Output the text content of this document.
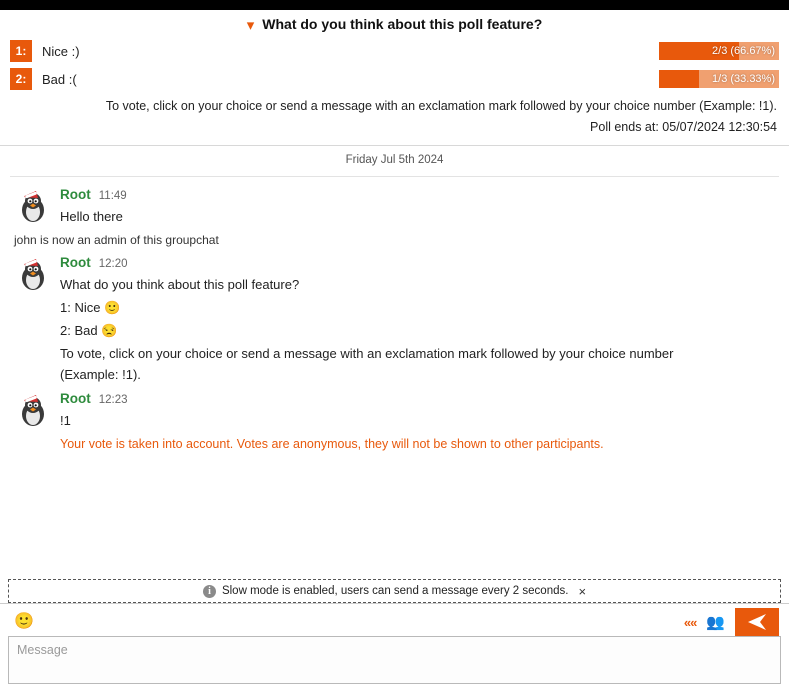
▾ What do you think about this poll feature?
1:	Nice :)	2/3 (66.67%)
2:	Bad :(	1/3 (33.33%)
To vote, click on your choice or send a message with an exclamation mark followed by your choice number (Example: !1).
Poll ends at: 05/07/2024 12:30:54
Friday Jul 5th 2024
Root 11:49
Hello there
john is now an admin of this groupchat
Root 12:20
What do you think about this poll feature?
1: Nice 🙂
2: Bad 😒
To vote, click on your choice or send a message with an exclamation mark followed by your choice number (Example: !1).
Root 12:23
!1
Your vote is taken into account. Votes are anonymous, they will not be shown to other participants.
i Slow mode is enabled, users can send a message every 2 seconds. ×
🙂	«« 👥
Message
